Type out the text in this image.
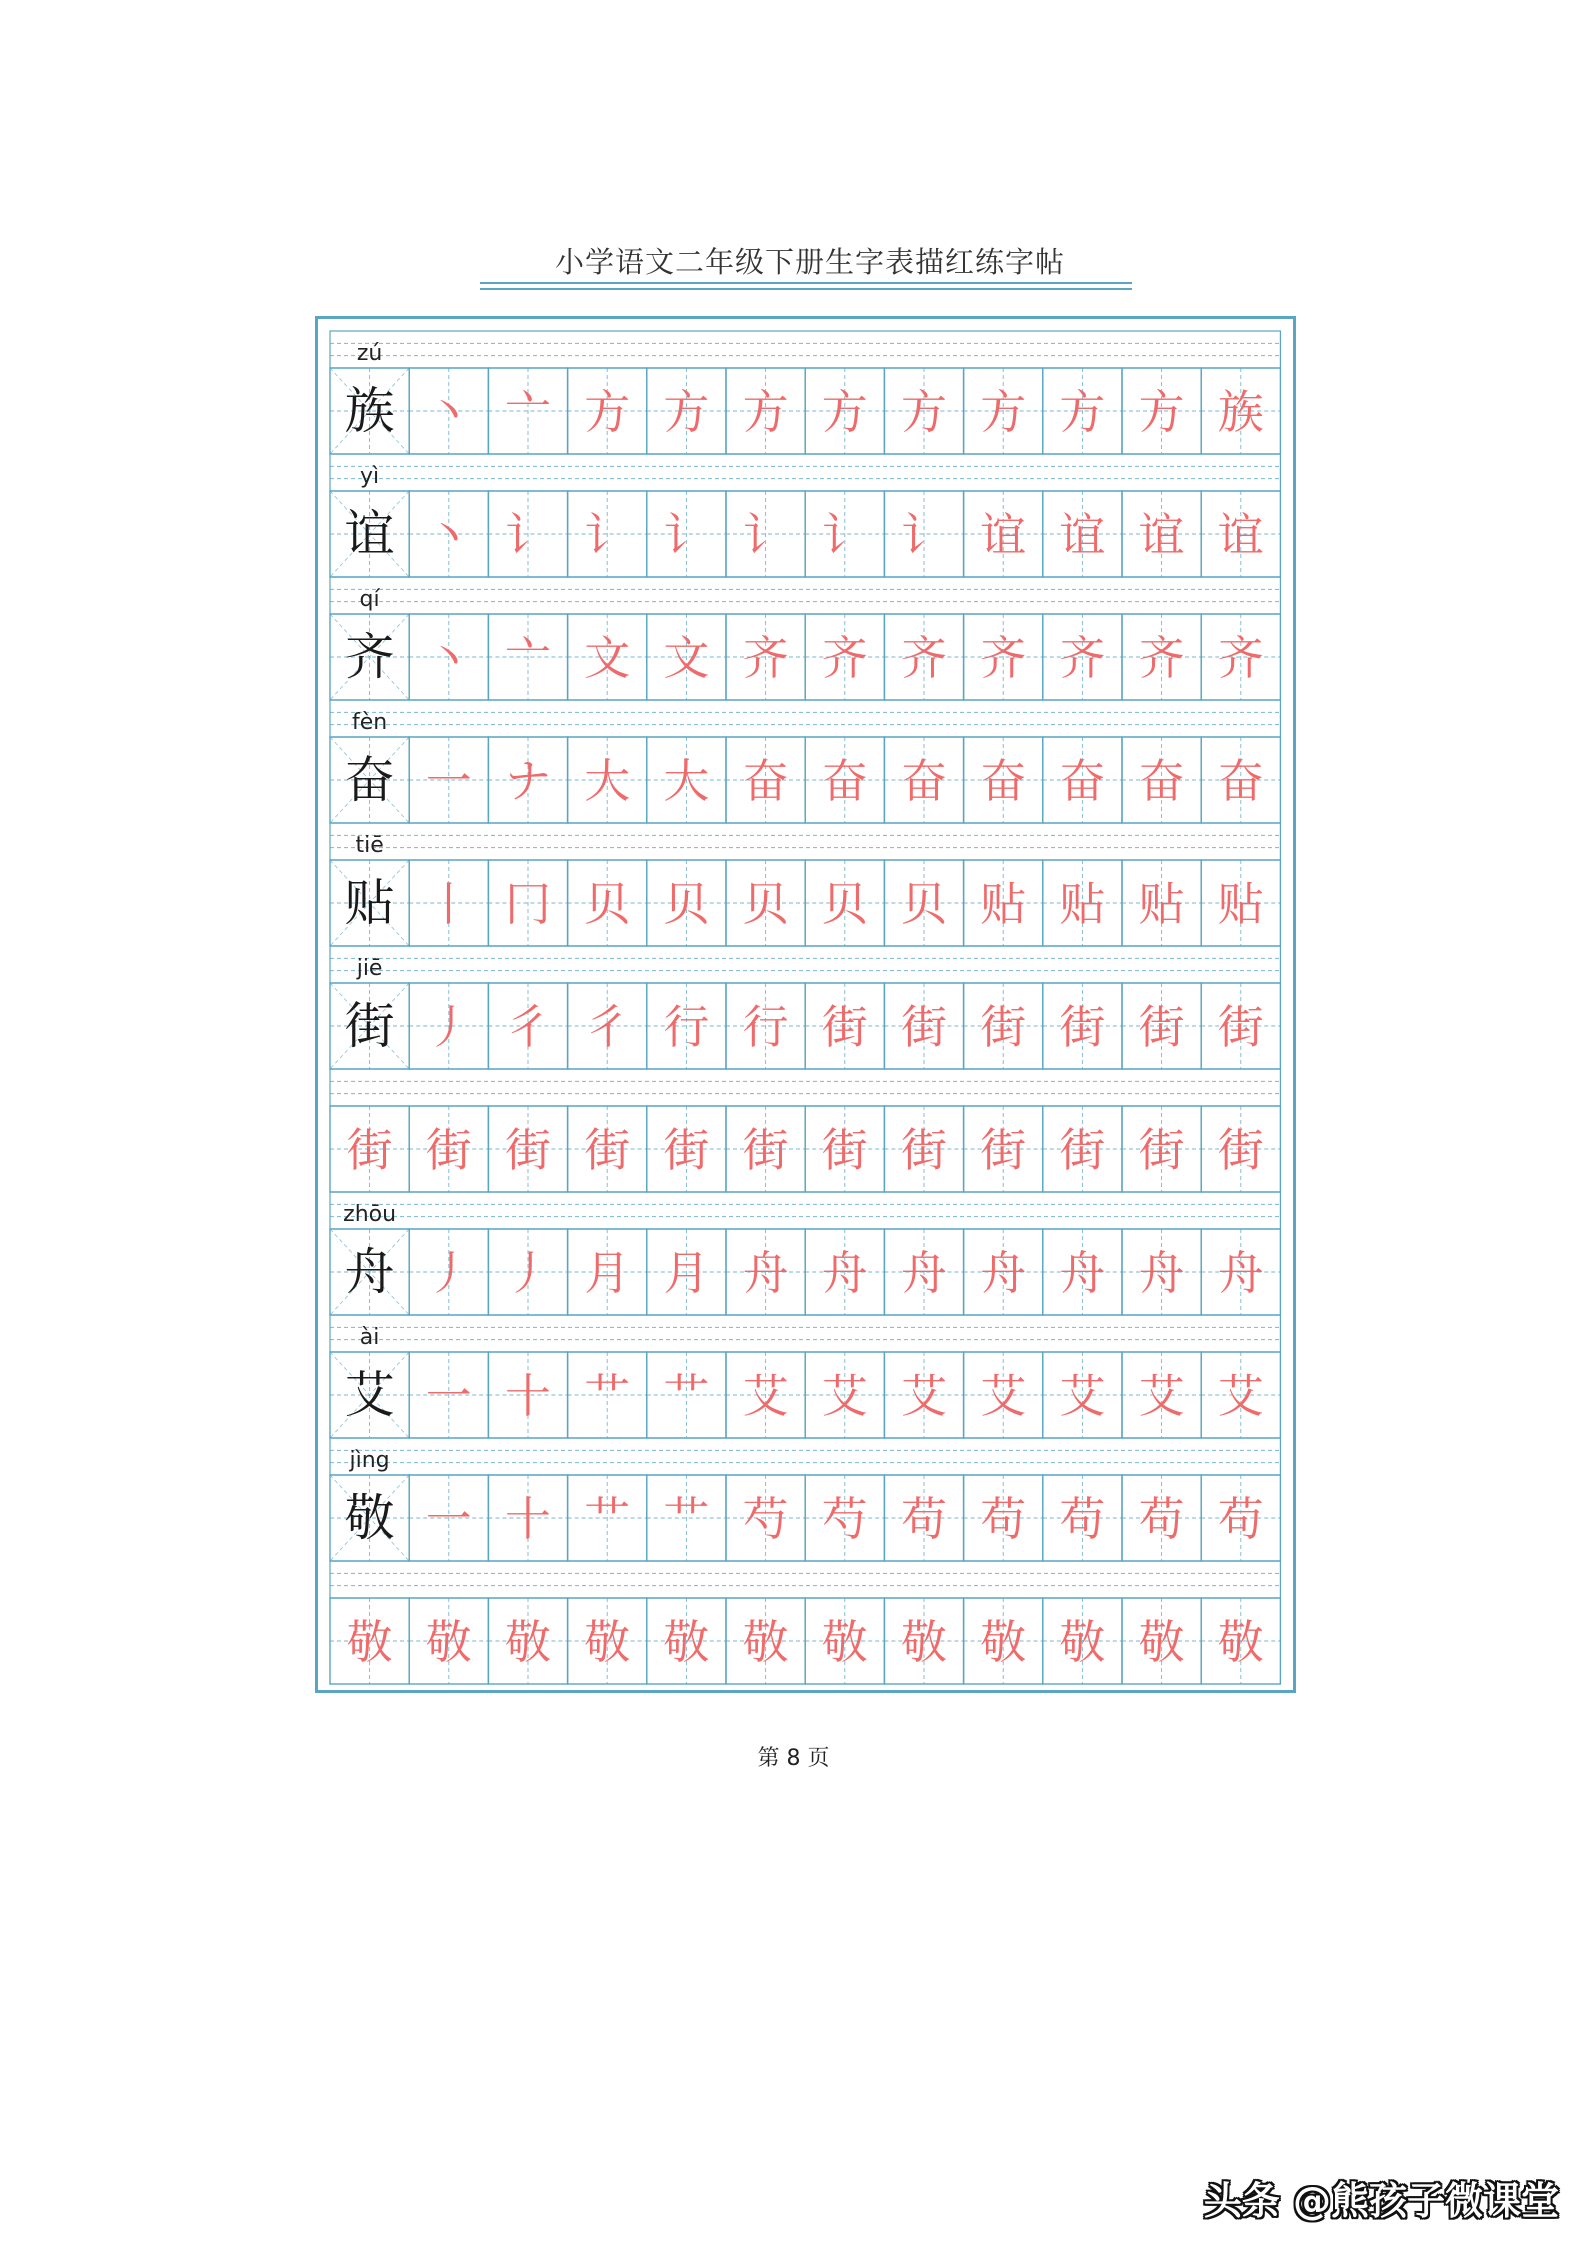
小学语文二年级下册生字表描红练字帖
zú
族 丶 亠 方 方 方 方 方 方 方 方 族
yì
谊 丶 讠 讠 讠 讠 讠 讠 谊 谊 谊 谊
qí
齐 丶 亠 文 文 齐 齐 齐 齐 齐 齐 齐
fèn
奋 一 ナ 大 大 奋 奋 奋 奋 奋 奋 奋
tiē
贴 丨 冂 贝 贝 贝 贝 贝 贴 贴 贴 贴
jiē
街 丿 彳 彳 行 行 街 街 街 街 街 街
街 街 街 街 街 街 街 街 街 街 街 街
zhōu
舟 丿 丿 月 月 舟 舟 舟 舟 舟 舟 舟
ài
艾 一 十 艹 艹 艾 艾 艾 艾 艾 艾 艾
jìng
敬 一 十 艹 艹 芍 芍 苟 苟 苟 苟 苟
敬 敬 敬 敬 敬 敬 敬 敬 敬 敬 敬 敬
第 8 页
头条 @熊孩子微课堂
